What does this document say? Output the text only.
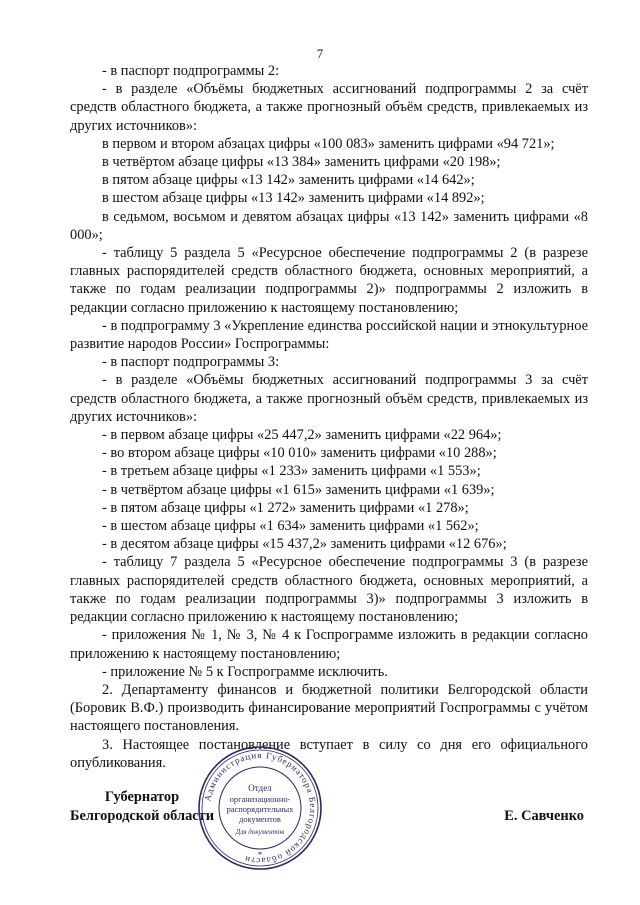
7

- в паспорт подпрограммы 2:

- в разделе «Объёмы бюджетных ассигнований подпрограммы 2 за счёт средств областного бюджета, а также прогнозный объём средств, привлекаемых из других источников»:

в первом и втором абзацах цифры «100 083» заменить цифрами «94 721»;

в четвёртом абзаце цифры «13 384» заменить цифрами «20 198»;

в пятом абзаце цифры «13 142» заменить цифрами «14 642»;

в шестом абзаце цифры «13 142» заменить цифрами «14 892»;

в седьмом, восьмом и девятом абзацах цифры «13 142» заменить цифрами «8 000»;

- таблицу 5 раздела 5 «Ресурсное обеспечение подпрограммы 2 (в разрезе главных распорядителей средств областного бюджета, основных мероприятий, а также по годам реализации подпрограммы 2)» подпрограммы 2 изложить в редакции согласно приложению к настоящему постановлению;

- в подпрограмму 3 «Укрепление единства российской нации и этнокультурное развитие народов России» Госпрограммы:

- в паспорт подпрограммы 3:

- в разделе «Объёмы бюджетных ассигнований подпрограммы 3 за счёт средств областного бюджета, а также прогнозный объём средств, привлекаемых из других источников»:

- в первом абзаце цифры «25 447,2» заменить цифрами «22 964»;

- во втором абзаце цифры «10 010» заменить цифрами «10 288»;

- в третьем абзаце цифры «1 233» заменить цифрами «1 553»;

- в четвёртом абзаце цифры «1 615» заменить цифрами «1 639»;

- в пятом абзаце цифры «1 272» заменить цифрами «1 278»;

- в шестом абзаце цифры «1 634» заменить цифрами «1 562»;

- в десятом абзаце цифры «15 437,2» заменить цифрами «12 676»;

- таблицу 7 раздела 5 «Ресурсное обеспечение подпрограммы 3 (в разрезе главных распорядителей средств областного бюджета, основных мероприятий, а также по годам реализации подпрограммы 3)» подпрограммы 3 изложить в редакции согласно приложению к настоящему постановлению;

- приложения № 1, № 3, № 4 к Госпрограмме изложить в редакции согласно приложению к настоящему постановлению;

- приложение № 5 к Госпрограмме исключить.

2. Департаменту финансов и бюджетной политики Белгородской области (Боровик В.Ф.) производить финансирование мероприятий Госпрограммы с учётом настоящего постановления.

3. Настоящее постановление вступает в силу со дня его официального опубликования.

Губернатор
Белгородской области	Е. Савченко
Администрация Губернатора Белгородской области
Отдел
организационно-
распорядительных
документов
Для документов
*
